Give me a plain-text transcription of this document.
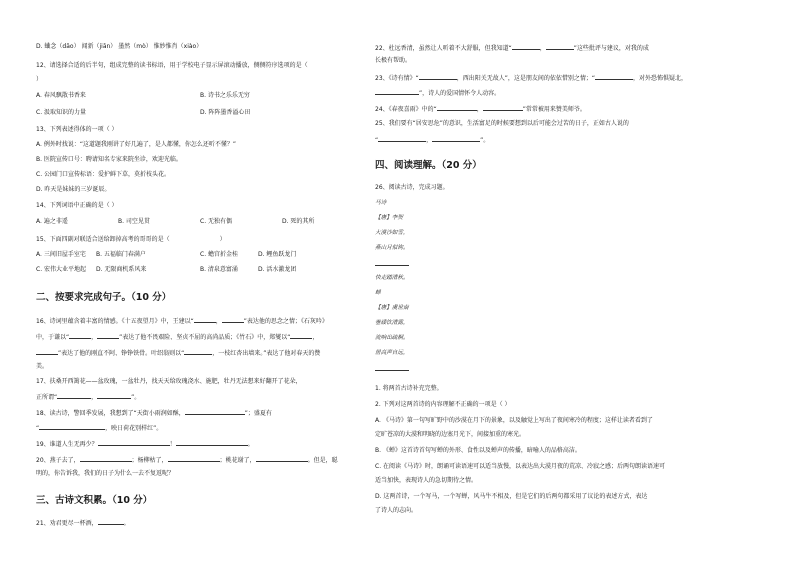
D. 蛐念（dāo） 闻新（jiān） 墨然（mò） 惟妙惟肖（xiào）
12、请选择合适的后半句，组成完整的读书标语，用于学校电子显示屏滚动播放，侧侧符序选项的是（
）
A. 春风飘散书香来	B. 诗书之乐乐无穷
C. 汲取知识的力量	D. 阵阵墨香溢心田
13、下列表述得体的一项（ ）
A. 例外时找说：“这道题我刚讲了好几遍了，是人都懂，你怎么还听不懂？”
B. 医院宣传口号：聘请知名专家来院坐诊，欢迎光临。
C. 公园门口宣传标语：爱护鲜下草，莫折枝头花。
D. 昨天是妹妹的三岁诞辰。
14、下列词语中正确的是（ ）
A. 遍之非遥	B. 司空见贯	C. 无独有偶	D. 死的其所
15、下面四副对联适合送给卸掉高考的哥哥的是（	）
A. 三间旧屋手室宅 B. 五福临门春满户	C. 蟾宫折金桂	D. 鲤鱼跃龙门
C. 宏伟大业平地起 D. 无限商机系风来	B. 清泉意富涌	D. 活水激龙团
二、按要求完成句子。（10 分）
16、诗词里蕴含着丰富的情感。《十五夜望月》中，王建以“	，	”表达他的思念之情；《石灰吟》
中，于谦以“	，	”表达了他不畏艰险、坚贞不屈的高尚品质；《竹石》中，郑燮以“	，
”表达了他的刚直不阿、铮铮铁骨。叶绍翁则以“	，一枝红杏出墙来。”表达了他对春天的赞
美。
17、扶桑开西篱花——盆玫瑰，一盆牡丹，找天天给玫瑰浇水、施肥，牡丹无法想来好翻开了花朵，
正所谓“	，	”。
18、读古诗，警回季发展，我想到了“天街小雨润如酥，	”；盛夏有
“	，映日荷花别样红”。
19、谁道人生无再少？	！	。
20、燕子去了，	；杨柳枯了，	；桃花谢了，	。但是，聪
明的，你告诉我，我们的日子为什么一去不复返呢？
三、古诗文积累。（10 分）
21、劝君更尽一杯酒，	。
22、杜远香清，虽然让人听着不大舒服，但我知道“	，	”这些批评与建议，对我的成
长极有帮助。
23、《诗有情》“	，西出阳关无故人”，这是朋友间的依依惜别之情；“	，对外恐怖惧疑北，
”，诗人的爱国情怀令人动容。
24、《春夜喜雨》中的“	，	”常常被用来赞美师爷。
25、我们要有“居安思危”的意识，生活富足的时候要想到以后可能会过苦的日子，正如古人说的
“	，	”。
四、阅读理解。（20 分）
26、阅读古诗，完成习题。
马诗
【唐】李贺
大漠沙如雪，
燕山月似钩。
快走踏清秋。
蝉
【唐】虞世南
垂緌饮清露，
流响出疏桐。
居高声自远，
1. 将两首古诗补充完整。
2. 下列对这两首诗的内容理解不正确的一项是（ ）
A. 《马诗》第一句写旷野中的沙漠在月下的景象，以及触觉上写出了夜间寒冷的程度；这样让读者看到了
定旷苍凉的大漠和明晓的边塞月光下，间接加重的寒光。
B. 《蝉》这首诗首句写蝉的外形、食性以及蝉声的传播，暗喻人的品格高洁。
C. 在阅读《马诗》时，朗诵可读语速可以适当放慢，以表达出大漠月夜的荒凉、冷寂之感；后两句朗读语速可
适当加快，表现诗人的急切期待之情。
D. 这两首诗，一个写马，一个写蝉，风马牛不相及，但是它们的后两句都采用了议论的表述方式，表达
了诗人的志向。
